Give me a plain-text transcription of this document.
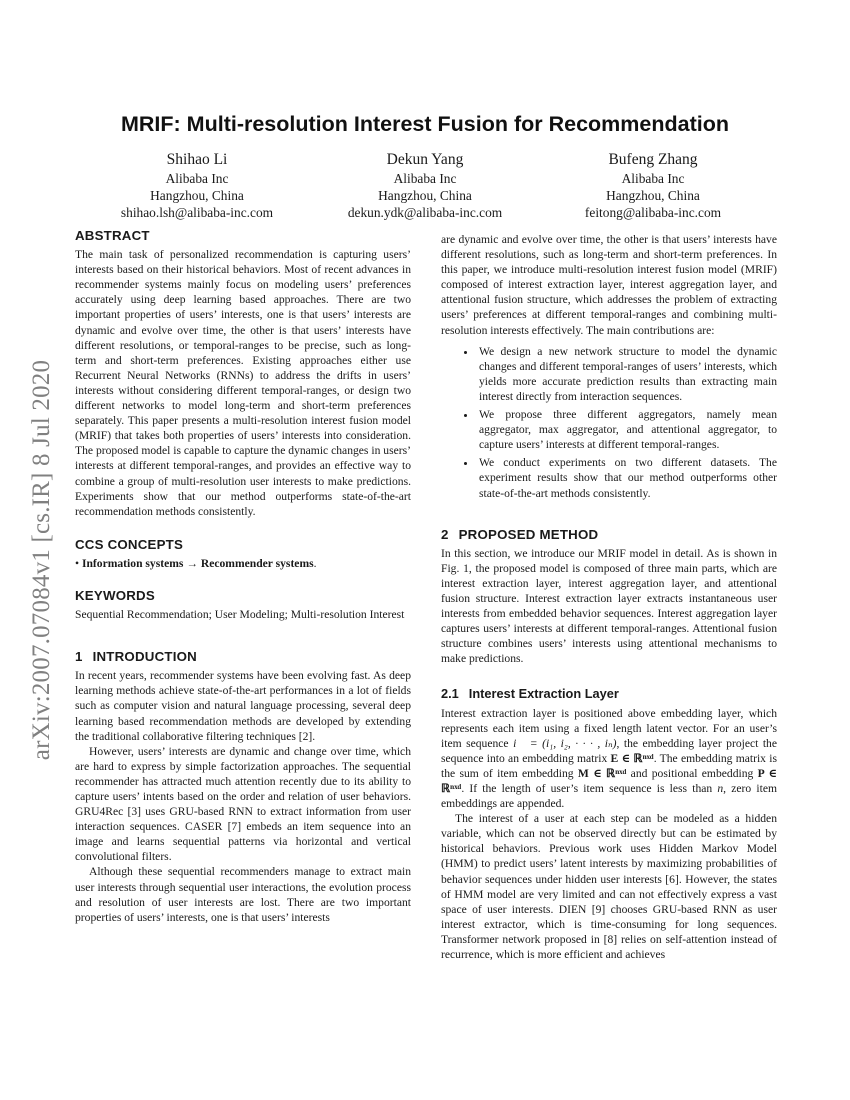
arXiv:2007.07084v1 [cs.IR] 8 Jul 2020
MRIF: Multi-resolution Interest Fusion for Recommendation
Shihao Li
Alibaba Inc
Hangzhou, China
shihao.lsh@alibaba-inc.com
Dekun Yang
Alibaba Inc
Hangzhou, China
dekun.ydk@alibaba-inc.com
Bufeng Zhang
Alibaba Inc
Hangzhou, China
feitong@alibaba-inc.com
ABSTRACT

The main task of personalized recommendation is capturing users’ interests based on their historical behaviors. Most of recent advances in recommender systems mainly focus on modeling users’ preferences accurately using deep learning based approaches. There are two important properties of users’ interests, one is that users’ interests are dynamic and evolve over time, the other is that users’ interests have different resolutions, or temporal-ranges to be precise, such as long-term and short-term preferences. Existing approaches either use Recurrent Neural Networks (RNNs) to address the drifts in users’ interests without considering different temporal-ranges, or design two different networks to model long-term and short-term preferences separately. This paper presents a multi-resolution interest fusion model (MRIF) that takes both properties of users’ interests into consideration. The proposed model is capable to capture the dynamic changes in users’ interests at different temporal-ranges, and provides an effective way to combine a group of multi-resolution user interests to make predictions. Experiments show that our method outperforms state-of-the-art recommendation methods consistently.

CCS CONCEPTS

• Information systems → Recommender systems.

KEYWORDS

Sequential Recommendation; User Modeling; Multi-resolution Interest

1 INTRODUCTION

In recent years, recommender systems have been evolving fast. As deep learning methods achieve state-of-the-art performances in a lot of fields such as computer vision and natural language processing, several deep learning based recommendation methods are developed by extending the traditional collaborative filtering techniques [2].

However, users’ interests are dynamic and change over time, which are hard to express by simple factorization approaches. The sequential recommender has attracted much attention recently due to its ability to capture users’ intents based on the order and relation of user behaviors. GRU4Rec [3] uses GRU-based RNN to extract information from user interaction sequences. CASER [7] embeds an item sequence into an image and learns sequential patterns via horizontal and vertical convolutional filters.

Although these sequential recommenders manage to extract main user interests through sequential user interactions, the evolution process and resolution of user interests are lost. There are two important properties of users’ interests, one is that users’ interests

are dynamic and evolve over time, the other is that users’ interests have different resolutions, such as long-term and short-term preferences. In this paper, we introduce multi-resolution interest fusion model (MRIF) composed of interest extraction layer, interest aggregation layer, and attentional fusion structure, which addresses the problem of extracting users’ preferences at different temporal-ranges and combining multi-resolution interests effectively. The main contributions are:

• We design a new network structure to model the dynamic changes and different temporal-ranges of users’ interests, which yields more accurate prediction results than extracting main interest directly from interaction sequences.
• We propose three different aggregators, namely mean aggregator, max aggregator, and attentional aggregator, to capture users’ interests at different temporal-ranges.
• We conduct experiments on two different datasets. The experiment results show that our method outperforms other state-of-the-art methods consistently.
2 PROPOSED METHOD

In this section, we introduce our MRIF model in detail. As is shown in Fig. 1, the proposed model is composed of three main parts, which are interest extraction layer, interest aggregation layer, and attentional fusion structure. Interest extraction layer extracts instantaneous user interests from embedded behavior sequences. Interest aggregation layer captures users’ interests at different temporal-ranges. Attentional fusion structure combines users’ interests using attentional mechanisms to make predictions.

2.1 Interest Extraction Layer

Interest extraction layer is positioned above embedding layer, which represents each item using a fixed length latent vector. For an user’s item sequence i⃗ = (i₁, i₂, · · · , iₙ), the embedding layer project the sequence into an embedding matrix E ∈ ℝⁿˣᵈ. The embedding matrix is the sum of item embedding M ∈ ℝⁿˣᵈ and positional embedding P ∈ ℝⁿˣᵈ. If the length of user’s item sequence is less than n, zero item embeddings are appended.

The interest of a user at each step can be modeled as a hidden variable, which can not be observed directly but can be estimated by historical behaviors. Previous work uses Hidden Markov Model (HMM) to predict users’ latent interests by maximizing probabilities of behavior sequences under hidden user interests [6]. However, the states of HMM model are very limited and can not effectively express a vast space of user interests. DIEN [9] chooses GRU-based RNN as user interest extractor, which is time-consuming for long sequences. Transformer network proposed in [8] relies on self-attention instead of recurrence, which is more efficient and achieves
